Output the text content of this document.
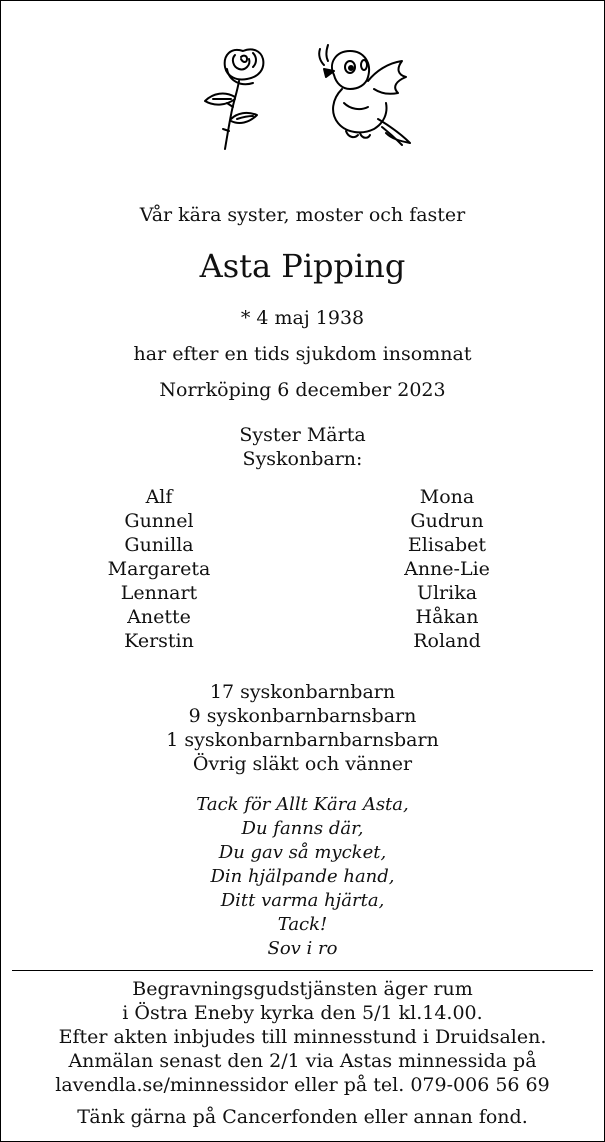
Vår kära syster, moster och faster
Asta Pipping
* 4 maj 1938
har efter en tids sjukdom insomnat
Norrköping 6 december 2023
Syster Märta
Syskonbarn:
Alf
Gunnel
Gunilla
Margareta
Lennart
Anette
Kerstin
Mona
Gudrun
Elisabet
Anne-Lie
Ulrika
Håkan
Roland
17 syskonbarnbarn
9 syskonbarnbarnsbarn
1 syskonbarnbarnbarnsbarn
Övrig släkt och vänner
Tack för Allt Kära Asta,
Du fanns där,
Du gav så mycket,
Din hjälpande hand,
Ditt varma hjärta,
Tack!
Sov i ro
Begravningsgudstjänsten äger rum
i Östra Eneby kyrka den 5/1 kl.14.00.
Efter akten inbjudes till minnesstund i Druidsalen.
Anmälan senast den 2/1 via Astas minnessida på
lavendla.se/minnessidor eller på tel. 079-006 56 69
Tänk gärna på Cancerfonden eller annan fond.
